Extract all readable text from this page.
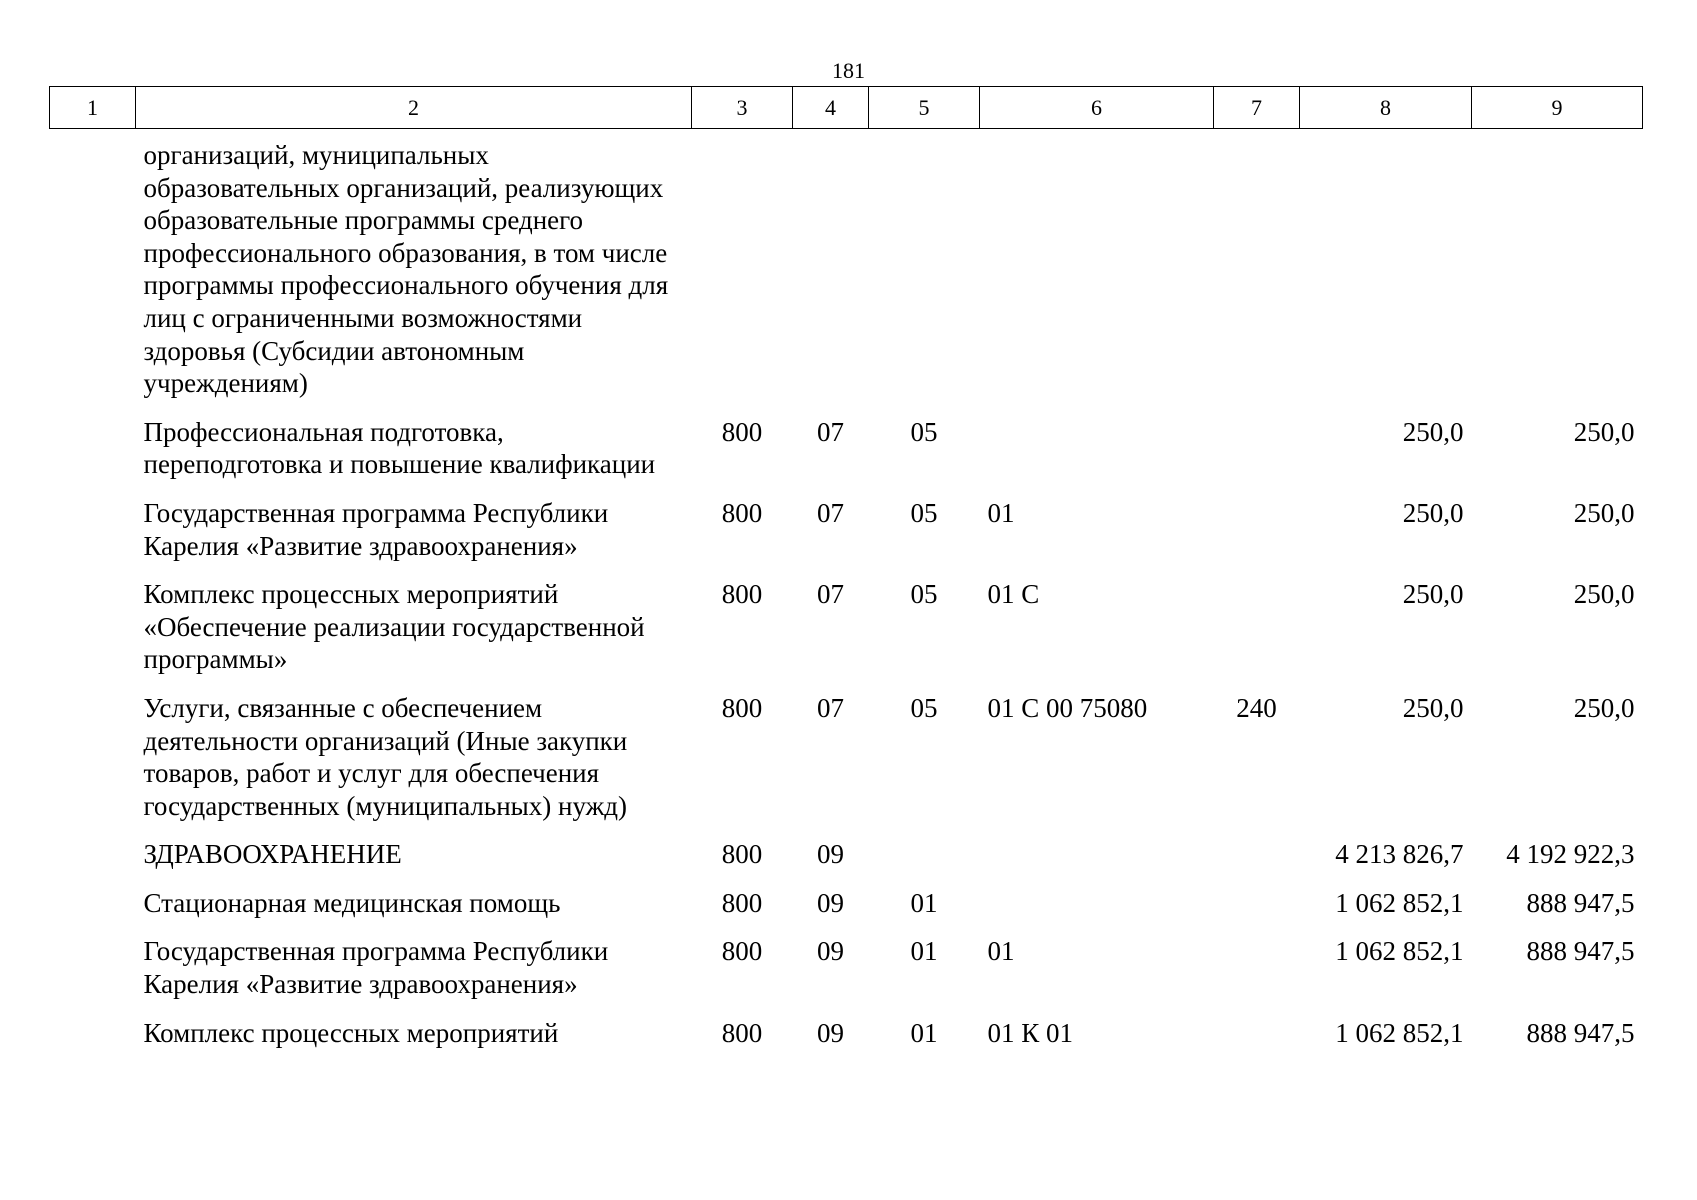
181
1	2	3	4	5	6	7	8	9
	организаций, муниципальных образовательных организаций, реализующих образовательные программы среднего профессионального образования, в том числе программы профессионального обучения для лиц с ограниченными возможностями здоровья (Субсидии автономным учреждениям)							
	Профессиональная подготовка, переподготовка и повышение квалификации	800	07	05			250,0	250,0
	Государственная программа Республики Карелия «Развитие здравоохранения»	800	07	05	01		250,0	250,0
	Комплекс процессных мероприятий «Обеспечение реализации государственной программы»	800	07	05	01 С		250,0	250,0
	Услуги, связанные с обеспечением деятельности организаций (Иные закупки товаров, работ и услуг для обеспечения государственных (муниципальных) нужд)	800	07	05	01 С 00 75080	240	250,0	250,0
	ЗДРАВООХРАНЕНИЕ	800	09				4 213 826,7	4 192 922,3
	Стационарная медицинская помощь	800	09	01			1 062 852,1	888 947,5
	Государственная программа Республики Карелия «Развитие здравоохранения»	800	09	01	01		1 062 852,1	888 947,5
	Комплекс процессных мероприятий	800	09	01	01 К 01		1 062 852,1	888 947,5
